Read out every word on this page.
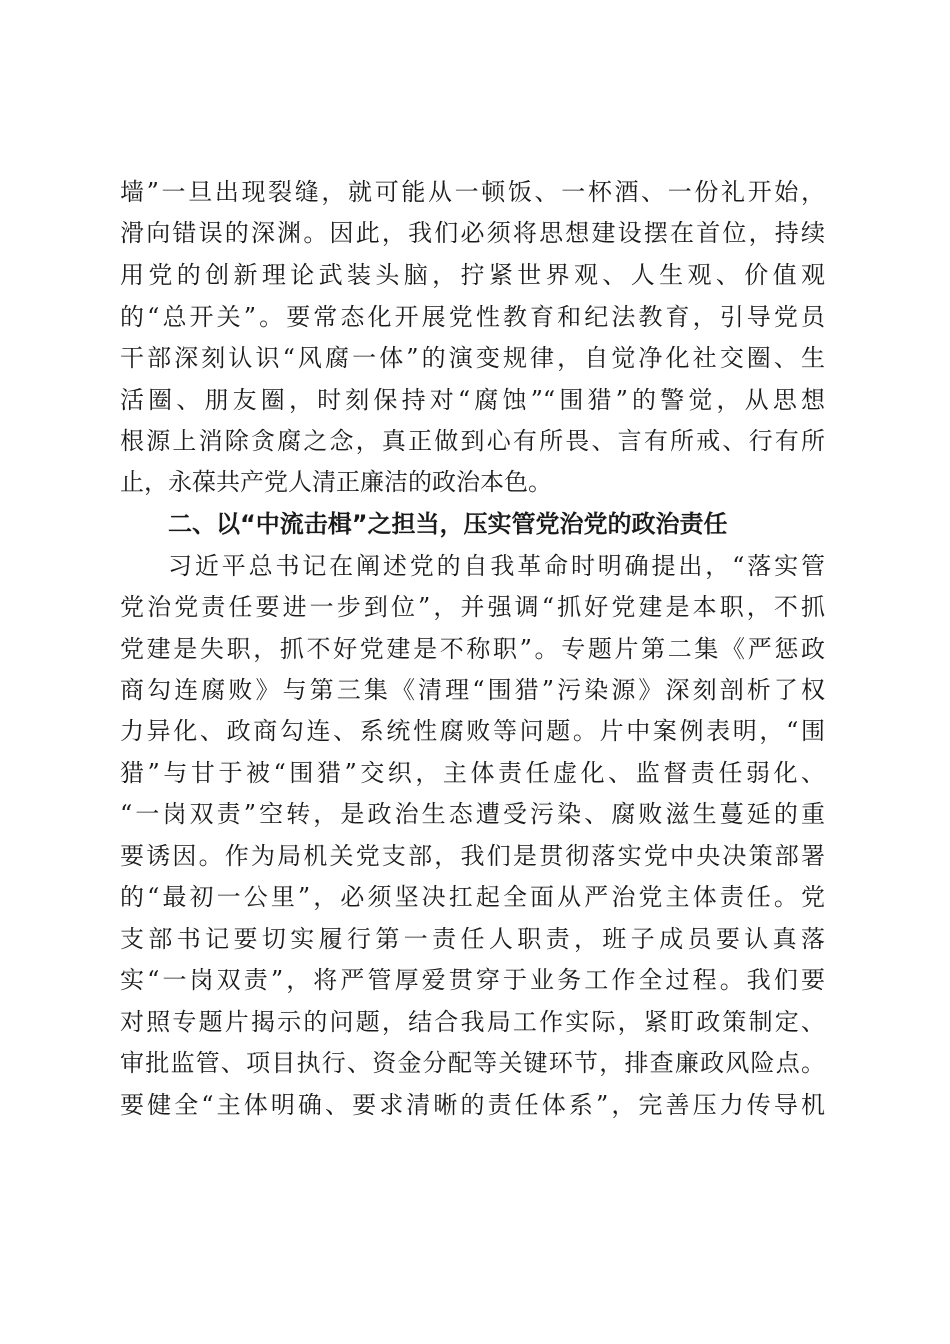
墙”一旦出现裂缝，就可能从一顿饭、一杯酒、一份礼开始，
滑向错误的深渊。因此，我们必须将思想建设摆在首位，持续
用党的创新理论武装头脑，拧紧世界观、人生观、价值观
的“总开关”。要常态化开展党性教育和纪法教育，引导党员
干部深刻认识“风腐一体”的演变规律，自觉净化社交圈、生
活圈、朋友圈，时刻保持对“腐蚀”“围猎”的警觉，从思想
根源上消除贪腐之念，真正做到心有所畏、言有所戒、行有所
止，永葆共产党人清正廉洁的政治本色。
二、以“中流击楫”之担当，压实管党治党的政治责任
习近平总书记在阐述党的自我革命时明确提出，“落实管
党治党责任要进一步到位”，并强调“抓好党建是本职，不抓
党建是失职，抓不好党建是不称职”。专题片第二集《严惩政
商勾连腐败》与第三集《清理“围猎”污染源》深刻剖析了权
力异化、政商勾连、系统性腐败等问题。片中案例表明，“围
猎”与甘于被“围猎”交织，主体责任虚化、监督责任弱化、
“一岗双责”空转，是政治生态遭受污染、腐败滋生蔓延的重
要诱因。作为局机关党支部，我们是贯彻落实党中央决策部署
的“最初一公里”，必须坚决扛起全面从严治党主体责任。党
支部书记要切实履行第一责任人职责，班子成员要认真落
实“一岗双责”，将严管厚爱贯穿于业务工作全过程。我们要
对照专题片揭示的问题，结合我局工作实际，紧盯政策制定、
审批监管、项目执行、资金分配等关键环节，排查廉政风险点。
要健全“主体明确、要求清晰的责任体系”，完善压力传导机
